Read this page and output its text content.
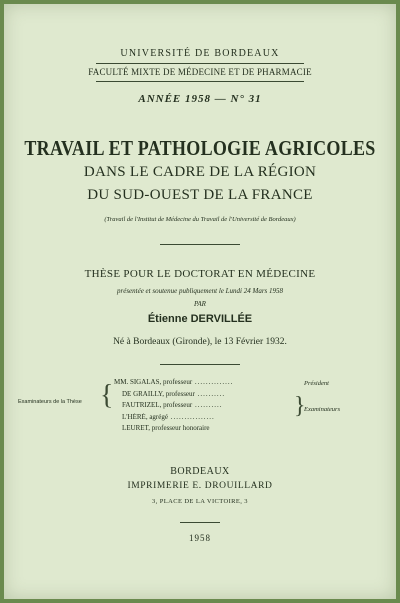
UNIVERSITÉ DE BORDEAUX
FACULTÉ MIXTE DE MÉDECINE ET DE PHARMACIE
ANNÉE 1958 — N° 31
TRAVAIL ET PATHOLOGIE AGRICOLES
DANS LE CADRE DE LA RÉGION
DU SUD-OUEST DE LA FRANCE
(Travail de l'Institut de Médecine du Travail de l'Université de Bordeaux)
THÈSE POUR LE DOCTORAT EN MÉDECINE
présentée et soutenue publiquement le Lundi 24 Mars 1958
PAR
Étienne DERVILLÉE
Né à Bordeaux (Gironde), le 13 Février 1932.
Examinateurs de la Thèse { MM. SIGALAS, professeur ..............
DE GRAILLY, professeur ..........
FAUTRIZEL, professeur ..........
L'HÉRÉ, agrégé ................
LEURET, professeur honoraire
Président
}
Examinateurs
BORDEAUX
IMPRIMERIE E. DROUILLARD
3, PLACE DE LA VICTOIRE, 3
1958
